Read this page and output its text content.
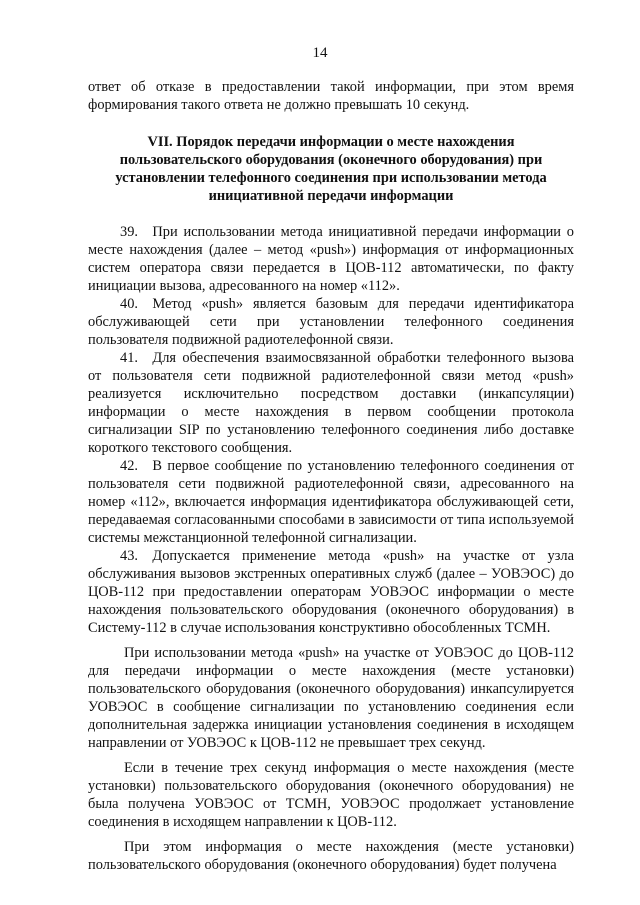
14

ответ об отказе в предоставлении такой информации, при этом время формирования такого ответа не должно превышать 10 секунд.

VII. Порядок передачи информации о месте нахождения
пользовательского оборудования (оконечного оборудования) при
установлении телефонного соединения при использовании метода
инициативной передачи информации

39. При использовании метода инициативной передачи информации о месте нахождения (далее – метод «push») информация от информационных систем оператора связи передается в ЦОВ-112 автоматически, по факту инициации вызова, адресованного на номер «112».

40. Метод «push» является базовым для передачи идентификатора обслуживающей сети при установлении телефонного соединения пользователя подвижной радиотелефонной связи.

41. Для обеспечения взаимосвязанной обработки телефонного вызова от пользователя сети подвижной радиотелефонной связи метод «push» реализуется исключительно посредством доставки (инкапсуляции) информации о месте нахождения в первом сообщении протокола сигнализации SIP по установлению телефонного соединения либо доставке короткого текстового сообщения.

42. В первое сообщение по установлению телефонного соединения от пользователя сети подвижной радиотелефонной связи, адресованного на номер «112», включается информация идентификатора обслуживающей сети, передаваемая согласованными способами в зависимости от типа используемой системы межстанционной телефонной сигнализации.

43. Допускается применение метода «push» на участке от узла обслуживания вызовов экстренных оперативных служб (далее – УОВЭОС) до ЦОВ-112 при предоставлении операторам УОВЭОС информации о месте нахождения пользовательского оборудования (оконечного оборудования) в Систему-112 в случае использования конструктивно обособленных ТСМН.

При использовании метода «push» на участке от УОВЭОС до ЦОВ-112 для передачи информации о месте нахождения (месте установки) пользовательского оборудования (оконечного оборудования) инкапсулируется УОВЭОС в сообщение сигнализации по установлению соединения если дополнительная задержка инициации установления соединения в исходящем направлении от УОВЭОС к ЦОВ-112 не превышает трех секунд.

Если в течение трех секунд информация о месте нахождения (месте установки) пользовательского оборудования (оконечного оборудования) не была получена УОВЭОС от ТСМН, УОВЭОС продолжает установление соединения в исходящем направлении к ЦОВ-112.

При этом информация о месте нахождения (месте установки) пользовательского оборудования (оконечного оборудования) будет получена
